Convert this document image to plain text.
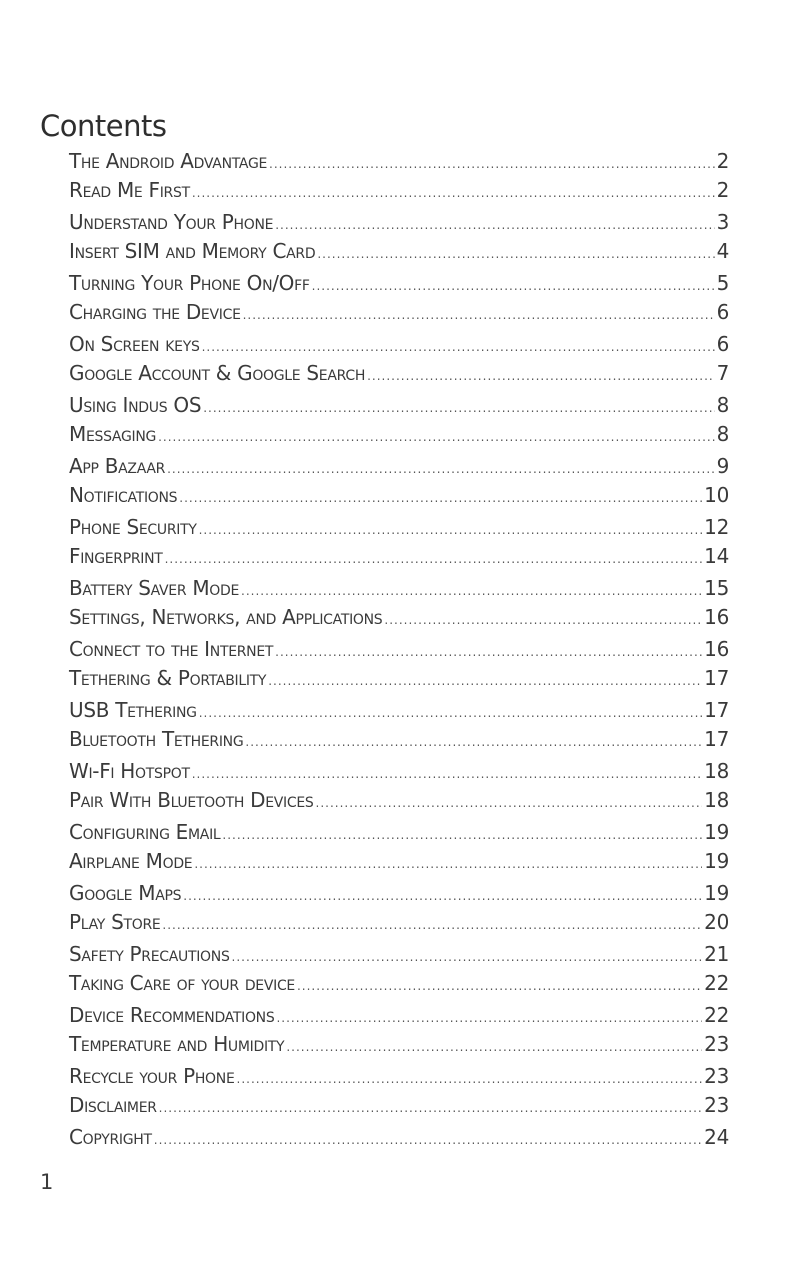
Contents
The Android Advantage .....	2
Read Me First .....	2
Understand Your Phone .....	3
Insert SIM and Memory Card .....	4
Turning Your Phone On/Off .....	5
Charging the Device .....	6
On Screen keys .....	6
Google Account & Google Search .....	7
Using Indus OS .....	8
Messaging .....	8
App Bazaar .....	9
Notifications .....	10
Phone Security .....	12
Fingerprint .....	14
Battery Saver Mode .....	15
Settings, Networks, and Applications .....	16
Connect to the Internet .....	16
Tethering & Portability .....	17
USB Tethering .....	17
Bluetooth Tethering .....	17
Wi-Fi Hotspot .....	18
Pair With Bluetooth Devices .....	18
Configuring Email .....	19
Airplane Mode .....	19
Google Maps .....	19
Play Store .....	20
Safety Precautions .....	21
Taking Care of your device .....	22
Device Recommendations .....	22
Temperature and Humidity .....	23
Recycle your Phone .....	23
Disclaimer .....	23
Copyright .....	24
1
